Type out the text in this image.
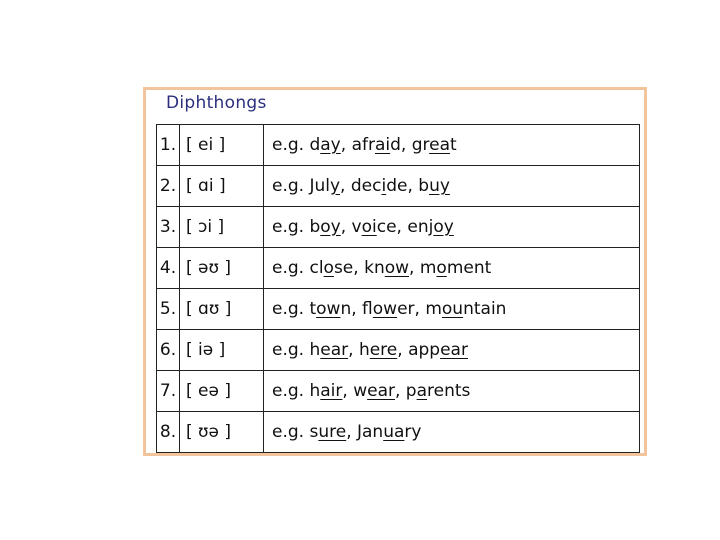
Diphthongs
1.	[ ei ]	e.g. day, afraid, great
2.	[ ɑi ]	e.g. July, decide, buy
3.	[ ɔi ]	e.g. boy, voice, enjoy
4.	[ əʊ ]	e.g. close, know, moment
5.	[ ɑʊ ]	e.g. town, flower, mountain
6.	[ iə ]	e.g. hear, here, appear
7.	[ eə ]	e.g. hair, wear, parents
8.	[ ʊə ]	e.g. sure, January
